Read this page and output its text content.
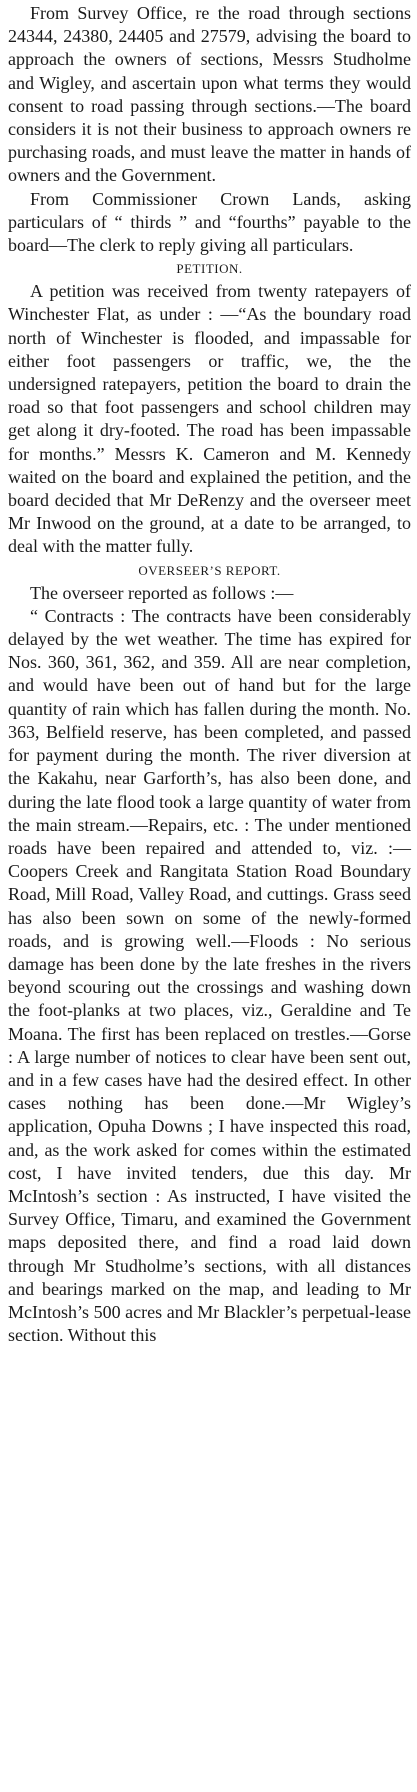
From Survey Office, re the road through sections 24344, 24380, 24405 and 27579, advising the board to approach the owners of sections, Messrs Studholme and Wigley, and ascertain upon what terms they would consent to road passing through sections.—The board considers it is not their business to approach owners re purchasing roads, and must leave the matter in hands of owners and the Government.

From Commissioner Crown Lands, asking particulars of “ thirds ” and “fourths” payable to the board—The clerk to reply giving all particulars.

PETITION.

A petition was received from twenty ratepayers of Winchester Flat, as under : —“As the boundary road north of Winchester is flooded, and impassable for either foot passengers or traffic, we, the the undersigned ratepayers, petition the board to drain the road so that foot passengers and school children may get along it dry-footed. The road has been impassable for months.” Messrs K. Cameron and M. Kennedy waited on the board and explained the petition, and the board decided that Mr DeRenzy and the overseer meet Mr Inwood on the ground, at a date to be arranged, to deal with the matter fully.

OVERSEER’S REPORT.

The overseer reported as follows :—

“ Contracts : The contracts have been considerably delayed by the wet weather. The time has expired for Nos. 360, 361, 362, and 359. All are near completion, and would have been out of hand but for the large quantity of rain which has fallen during the month. No. 363, Belfield reserve, has been completed, and passed for payment during the month. The river diversion at the Kakahu, near Garforth’s, has also been done, and during the late flood took a large quantity of water from the main stream.—Repairs, etc. : The under mentioned roads have been repaired and attended to, viz. :— Coopers Creek and Rangitata Station Road Boundary Road, Mill Road, Valley Road, and cuttings. Grass seed has also been sown on some of the newly-formed roads, and is growing well.—Floods : No serious damage has been done by the late freshes in the rivers beyond scouring out the crossings and washing down the foot-planks at two places, viz., Geraldine and Te Moana. The first has been replaced on trestles.—Gorse : A large number of notices to clear have been sent out, and in a few cases have had the desired effect. In other cases nothing has been done.—Mr Wigley’s application, Opuha Downs ; I have inspected this road, and, as the work asked for comes within the estimated cost, I have invited tenders, due this day. Mr McIntosh’s section : As instructed, I have visited the Survey Office, Timaru, and examined the Government maps deposited there, and find a road laid down through Mr Studholme’s sections, with all distances and bearings marked on the map, and leading to Mr McIntosh’s 500 acres and Mr Blackler’s perpetual-lease section. Without this
